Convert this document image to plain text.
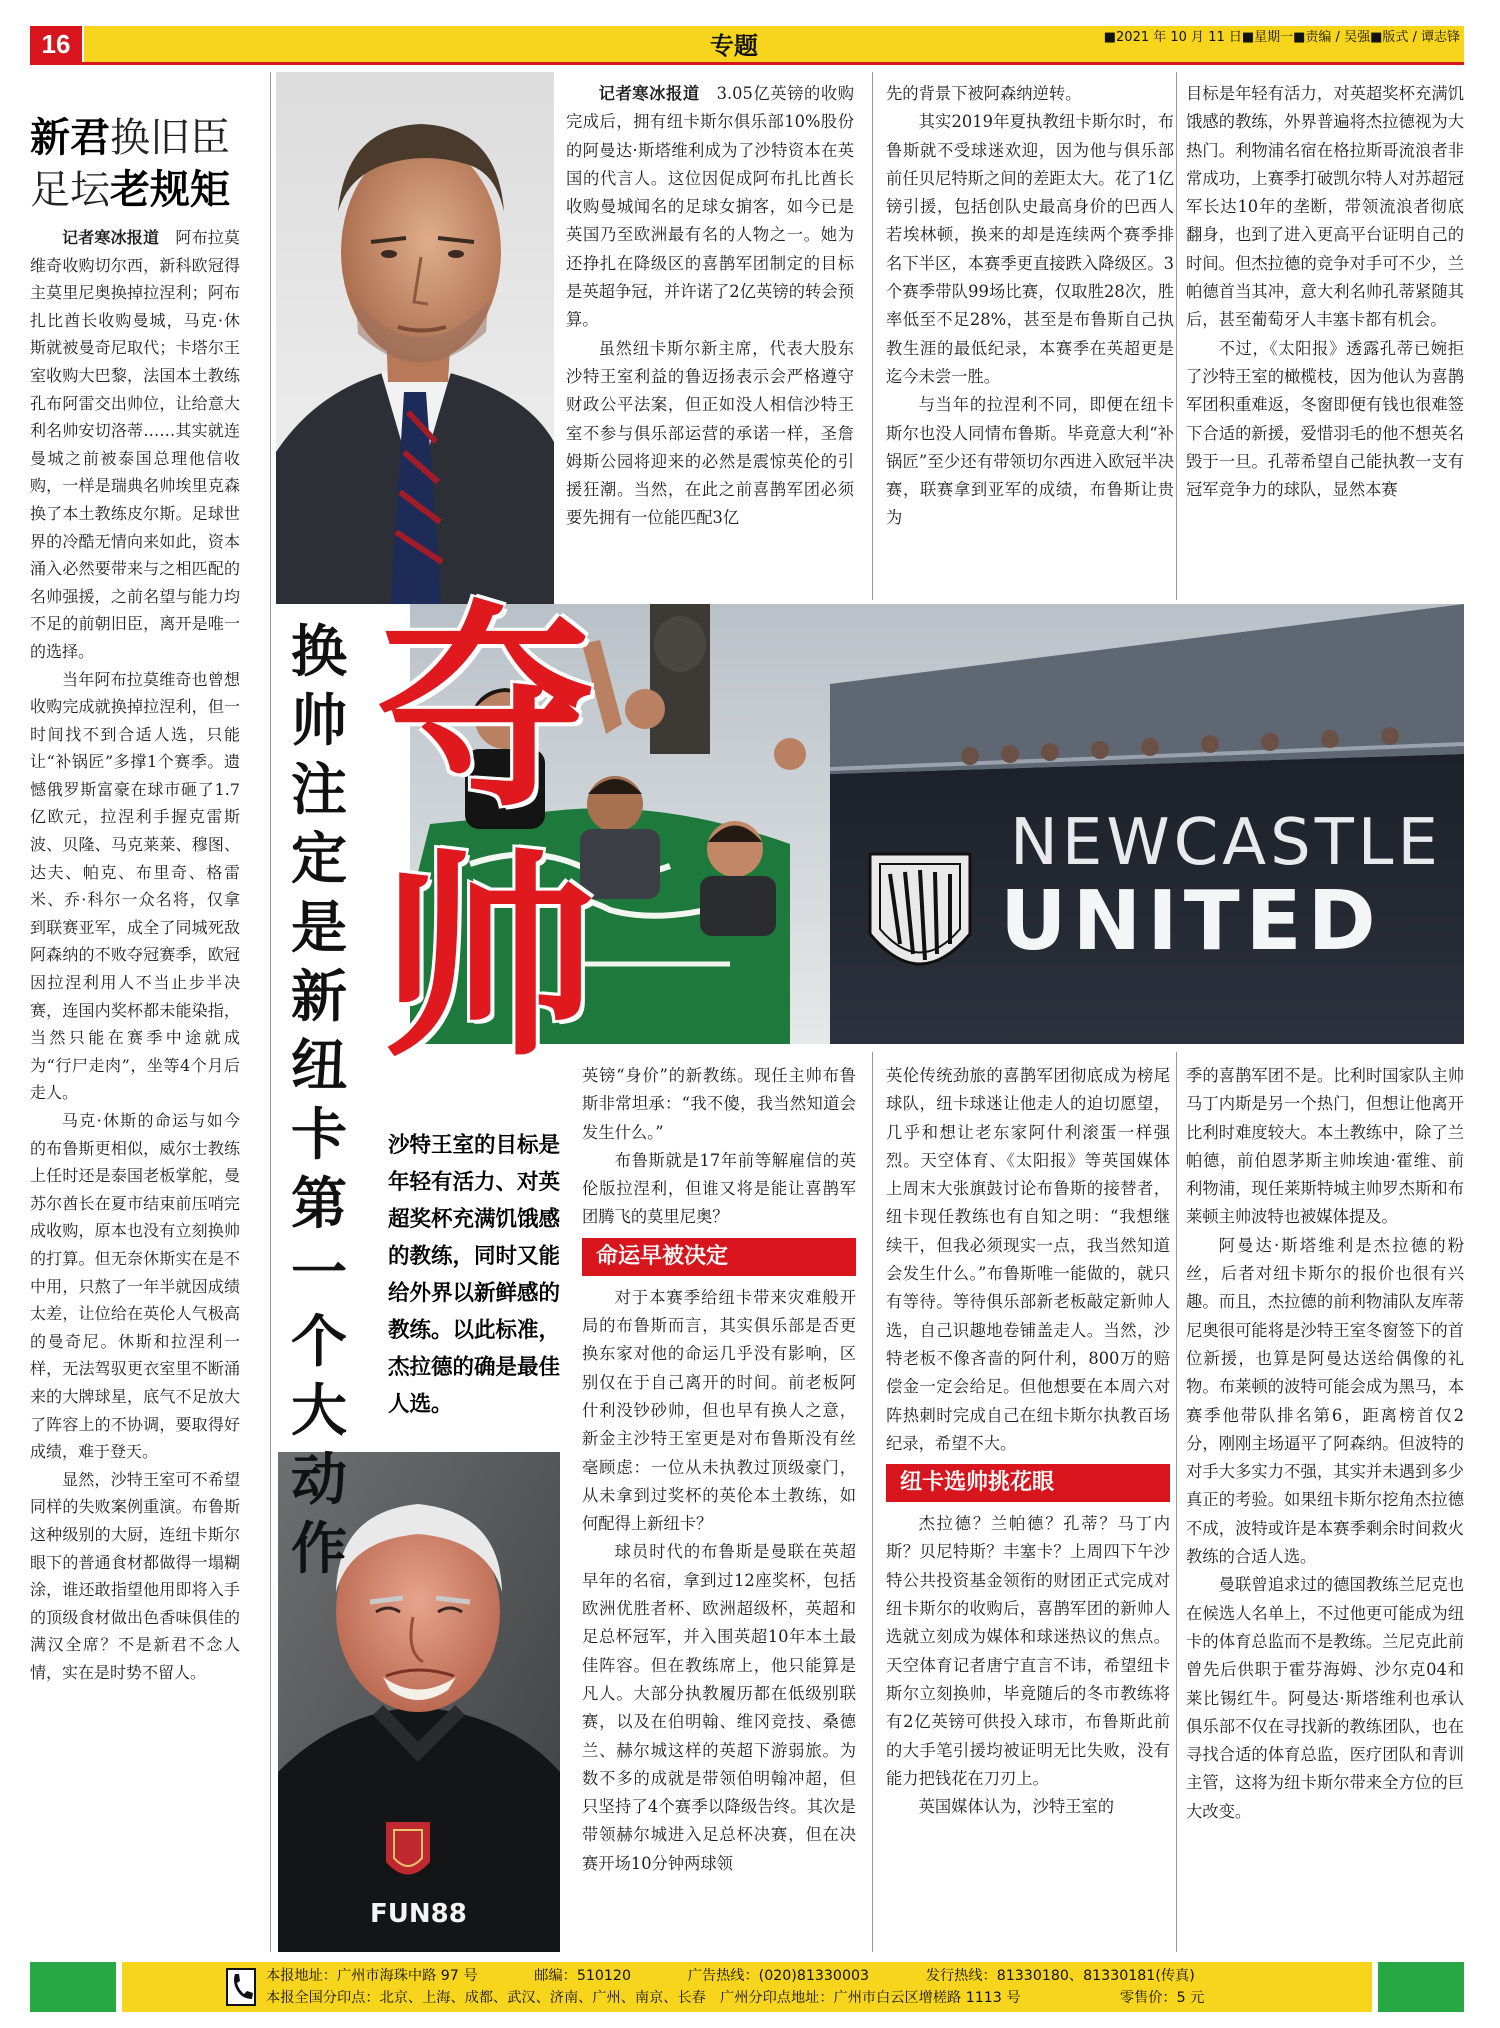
16	专题	■2021 年 10 月 11 日■星期一■责编 / 吴强■版式 / 谭志锋
新君换旧臣
足坛老规矩

记者寒冰报道　 阿布拉莫维奇收购切尔西，新科欧冠得主莫里尼奥换掉拉涅利；阿布扎比酋长收购曼城，马克·休斯就被曼奇尼取代；卡塔尔王室收购大巴黎，法国本土教练孔布阿雷交出帅位，让给意大利名帅安切洛蒂……其实就连曼城之前被泰国总理他信收购，一样是瑞典名帅埃里克森换了本土教练皮尔斯。足球世界的冷酷无情向来如此，资本涌入必然要带来与之相匹配的名帅强援，之前名望与能力均不足的前朝旧臣，离开是唯一的选择。

当年阿布拉莫维奇也曾想收购完成就换掉拉涅利，但一时间找不到合适人选，只能让“补锅匠”多撑1个赛季。遗憾俄罗斯富豪在球市砸了1.7亿欧元，拉涅利手握克雷斯波、贝隆、马克莱莱、穆图、达夫、帕克、布里奇、格雷米、乔·科尔一众名将，仅拿到联赛亚军，成全了同城死敌阿森纳的不败夺冠赛季，欧冠因拉涅利用人不当止步半决赛，连国内奖杯都未能染指，当然只能在赛季中途就成为“行尸走肉”，坐等4个月后走人。

马克·休斯的命运与如今的布鲁斯更相似，威尔士教练上任时还是泰国老板掌舵，曼苏尔酋长在夏市结束前压哨完成收购，原本也没有立刻换帅的打算。但无奈休斯实在是不中用，只熬了一年半就因成绩太差，让位给在英伦人气极高的曼奇尼。休斯和拉涅利一样，无法驾驭更衣室里不断涌来的大牌球星，底气不足放大了阵容上的不协调，要取得好成绩，难于登天。

显然，沙特王室可不希望同样的失败案例重演。布鲁斯这种级别的大厨，连纽卡斯尔眼下的普通食材都做得一塌糊涂，谁还敢指望他用即将入手的顶级食材做出色香味俱佳的满汉全席？不是新君不念人情，实在是时势不留人。

记者寒冰报道　 3.05亿英镑的收购完成后，拥有纽卡斯尔俱乐部10%股份的阿曼达·斯塔维利成为了沙特资本在英国的代言人。这位因促成阿布扎比酋长收购曼城闻名的足球女掮客，如今已是英国乃至欧洲最有名的人物之一。她为还挣扎在降级区的喜鹊军团制定的目标是英超争冠，并许诺了2亿英镑的转会预算。

虽然纽卡斯尔新主席，代表大股东沙特王室利益的鲁迈扬表示会严格遵守财政公平法案，但正如没人相信沙特王室不参与俱乐部运营的承诺一样，圣詹姆斯公园将迎来的必然是震惊英伦的引援狂潮。当然，在此之前喜鹊军团必须要先拥有一位能匹配3亿

先的背景下被阿森纳逆转。

其实2019年夏执教纽卡斯尔时，布鲁斯就不受球迷欢迎，因为他与俱乐部前任贝尼特斯之间的差距太大。花了1亿镑引援，包括创队史最高身价的巴西人若埃林顿，换来的却是连续两个赛季排名下半区，本赛季更直接跌入降级区。3个赛季带队99场比赛，仅取胜28次，胜率低至不足28%，甚至是布鲁斯自己执教生涯的最低纪录，本赛季在英超更是迄今未尝一胜。

与当年的拉涅利不同，即便在纽卡斯尔也没人同情布鲁斯。毕竟意大利“补锅匠”至少还有带领切尔西进入欧冠半决赛，联赛拿到亚军的成绩，布鲁斯让贵为

目标是年轻有活力，对英超奖杯充满饥饿感的教练，外界普遍将杰拉德视为大热门。利物浦名宿在格拉斯哥流浪者非常成功，上赛季打破凯尔特人对苏超冠军长达10年的垄断，带领流浪者彻底翻身，也到了进入更高平台证明自己的时间。但杰拉德的竞争对手可不少，兰帕德首当其冲，意大利名帅孔蒂紧随其后，甚至葡萄牙人丰塞卡都有机会。

不过，《太阳报》透露孔蒂已婉拒了沙特王室的橄榄枝，因为他认为喜鹊军团积重难返，冬窗即便有钱也很难签下合适的新援，爱惜羽毛的他不想英名毁于一旦。孔蒂希望自己能执教一支有冠军竞争力的球队，显然本赛

NEWCASTLE
UNITED
夺
帅
换
帅
注
定
是
新
纽
卡
第
一
个
大
动
作
沙特王室的目标是年轻有活力、对英超奖杯充满饥饿感的教练，同时又能给外界以新鲜感的教练。以此标准，杰拉德的确是最佳人选。
FUN88

英镑“身价”的新教练。现任主帅布鲁斯非常坦承：“我不傻，我当然知道会发生什么。”

布鲁斯就是17年前等解雇信的英伦版拉涅利，但谁又将是能让喜鹊军团腾飞的莫里尼奥？

命运早被决定

对于本赛季给纽卡带来灾难般开局的布鲁斯而言，其实俱乐部是否更换东家对他的命运几乎没有影响，区别仅在于自己离开的时间。前老板阿什利没钞砂帅，但也早有换人之意，新金主沙特王室更是对布鲁斯没有丝毫顾虑：一位从未执教过顶级豪门，从未拿到过奖杯的英伦本土教练，如何配得上新纽卡？

球员时代的布鲁斯是曼联在英超早年的名宿，拿到过12座奖杯，包括欧洲优胜者杯、欧洲超级杯，英超和足总杯冠军，并入围英超10年本土最佳阵容。但在教练席上，他只能算是凡人。大部分执教履历都在低级别联赛，以及在伯明翰、维冈竞技、桑德兰、赫尔城这样的英超下游弱旅。为数不多的成就是带领伯明翰冲超，但只坚持了4个赛季以降级告终。其次是带领赫尔城进入足总杯决赛，但在决赛开场10分钟两球领

英伦传统劲旅的喜鹊军团彻底成为榜尾球队，纽卡球迷让他走人的迫切愿望，几乎和想让老东家阿什利滚蛋一样强烈。天空体育、《太阳报》等英国媒体上周末大张旗鼓讨论布鲁斯的接替者，纽卡现任教练也有自知之明：“我想继续干，但我必须现实一点，我当然知道会发生什么。”布鲁斯唯一能做的，就只有等待。等待俱乐部新老板敲定新帅人选，自己识趣地卷铺盖走人。当然，沙特老板不像吝啬的阿什利，800万的赔偿金一定会给足。但他想要在本周六对阵热刺时完成自己在纽卡斯尔执教百场纪录，希望不大。

纽卡选帅挑花眼

杰拉德？兰帕德？孔蒂？马丁内斯？贝尼特斯？丰塞卡？上周四下午沙特公共投资基金领衔的财团正式完成对纽卡斯尔的收购后，喜鹊军团的新帅人选就立刻成为媒体和球迷热议的焦点。天空体育记者唐宁直言不讳，希望纽卡斯尔立刻换帅，毕竟随后的冬市教练将有2亿英镑可供投入球市，布鲁斯此前的大手笔引援均被证明无比失败，没有能力把钱花在刀刃上。

英国媒体认为，沙特王室的

季的喜鹊军团不是。比利时国家队主帅马丁内斯是另一个热门，但想让他离开比利时难度较大。本土教练中，除了兰帕德，前伯恩茅斯主帅埃迪·霍维、前利物浦，现任莱斯特城主帅罗杰斯和布莱顿主帅波特也被媒体提及。

阿曼达·斯塔维利是杰拉德的粉丝，后者对纽卡斯尔的报价也很有兴趣。而且，杰拉德的前利物浦队友库蒂尼奥很可能将是沙特王室冬窗签下的首位新援，也算是阿曼达送给偶像的礼物。布莱顿的波特可能会成为黑马，本赛季他带队排名第6，距离榜首仅2分，刚刚主场逼平了阿森纳。但波特的对手大多实力不强，其实并未遇到多少真正的考验。如果纽卡斯尔挖角杰拉德不成，波特或许是本赛季剩余时间救火教练的合适人选。

曼联曾追求过的德国教练兰尼克也在候选人名单上，不过他更可能成为纽卡的体育总监而不是教练。兰尼克此前曾先后供职于霍芬海姆、沙尔克04和莱比锡红牛。阿曼达·斯塔维利也承认俱乐部不仅在寻找新的教练团队，也在寻找合适的体育总监，医疗团队和青训主管，这将为纽卡斯尔带来全方位的巨大改变。

本报地址：广州市海珠中路 97 号　　　　邮编：510120　　　　广告热线：(020)81330003　　　　发行热线：81330180、81330181(传真)
本报全国分印点：北京、上海、成都、武汉、济南、广州、南京、长春　广州分印点地址：广州市白云区增槎路 1113 号　　　　　　　零售价：5 元
